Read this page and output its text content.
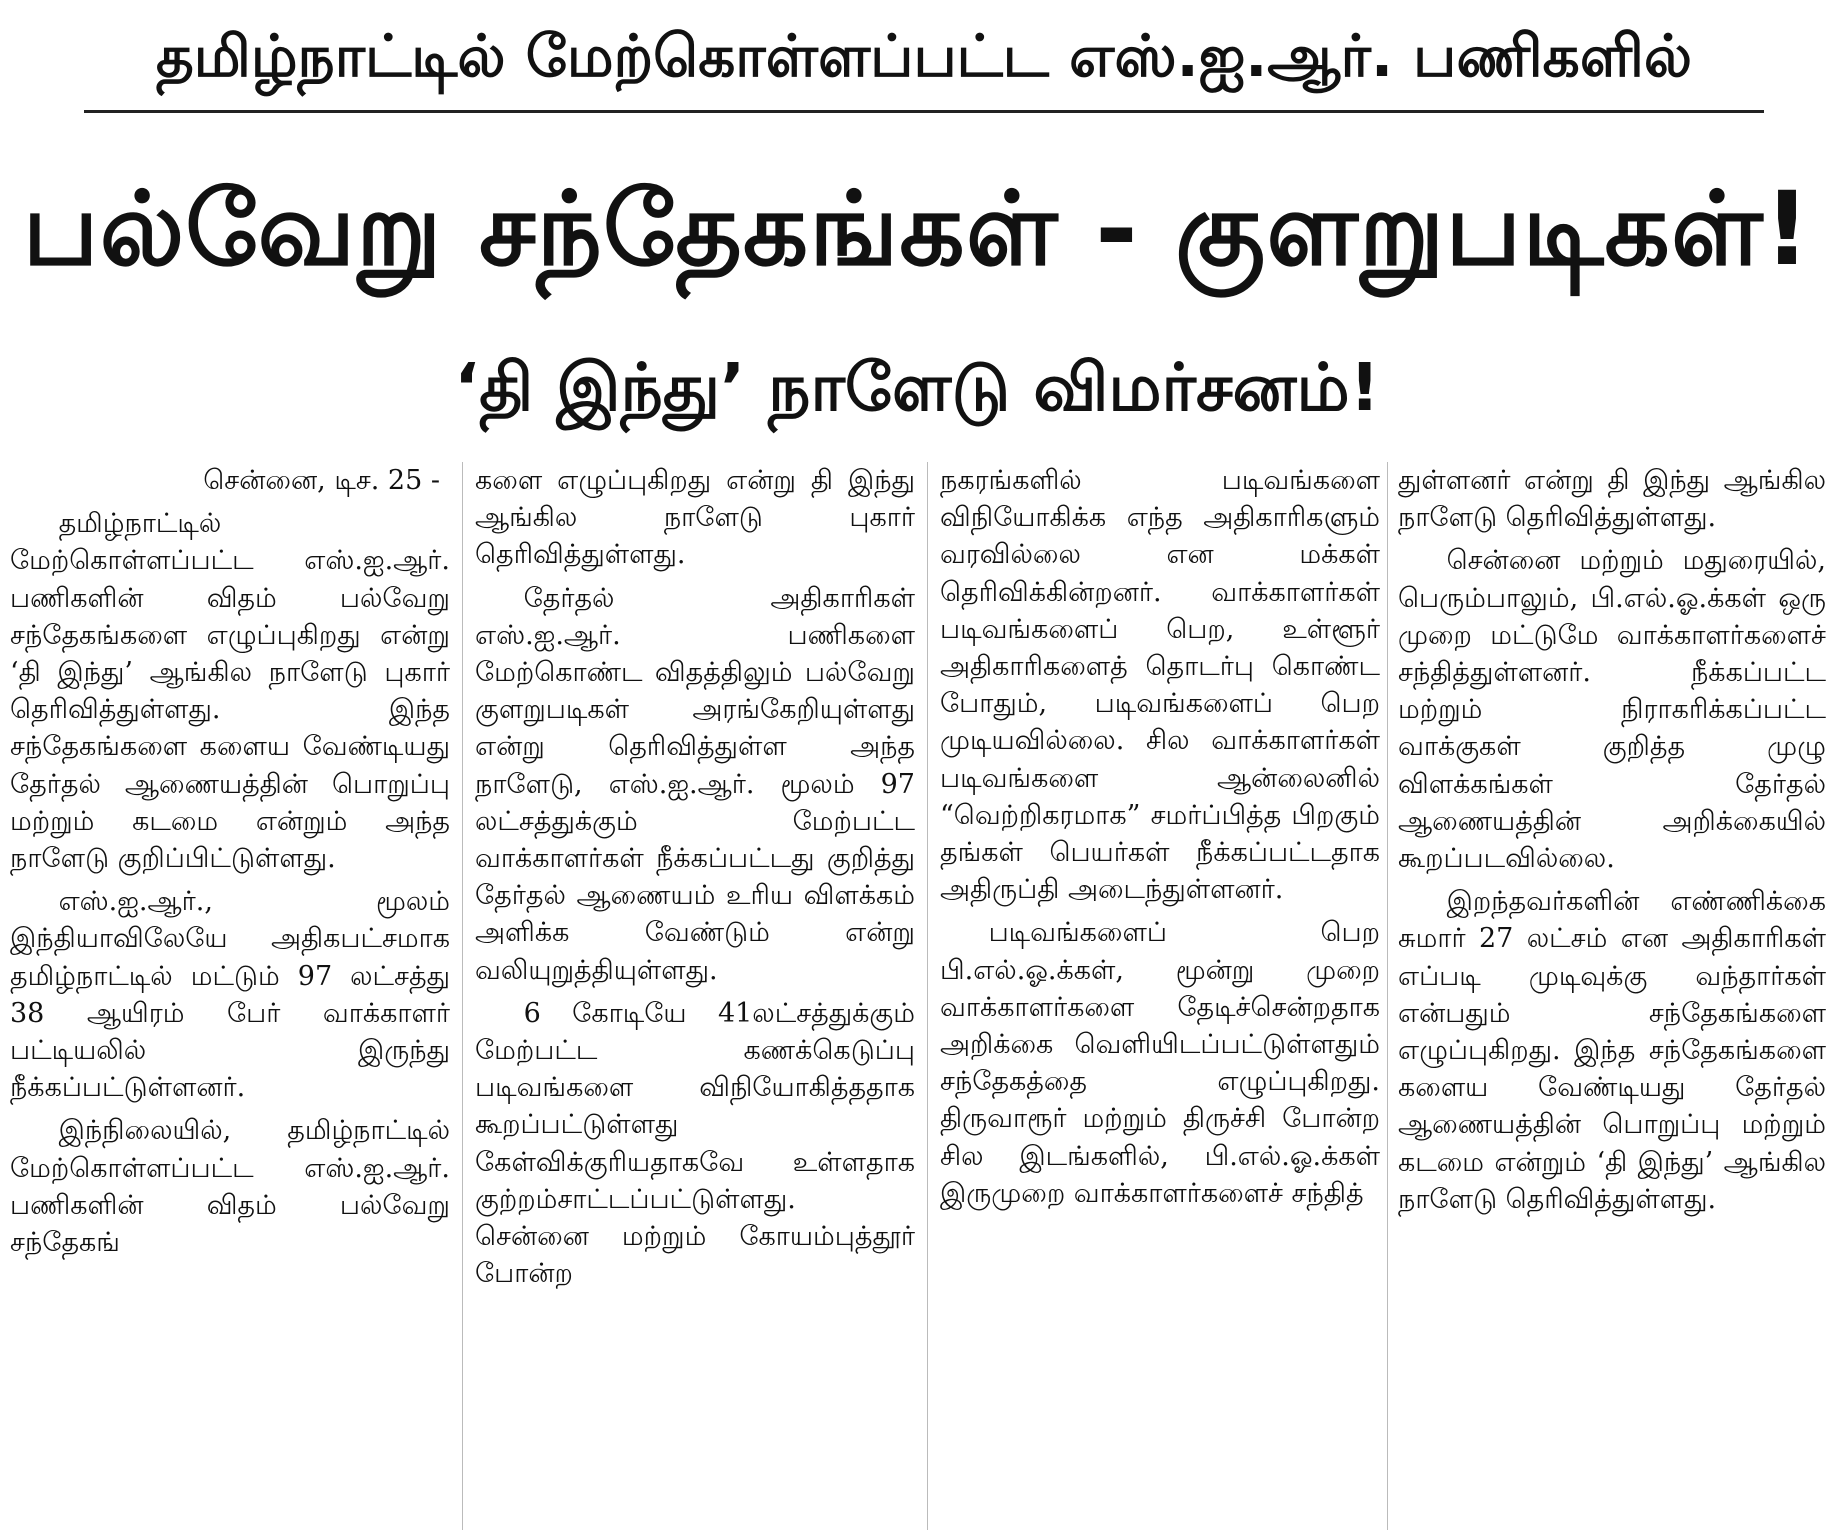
தமிழ்நாட்டில் மேற்கொள்ளப்பட்ட எஸ்.ஐ.ஆர். பணிகளில்
பல்வேறு சந்தேகங்கள் - குளறுபடிகள்!
‘தி இந்து’ நாளேடு விமர்சனம்!

சென்னை, டிச. 25 -

தமிழ்நாட்டில் மேற்கொள்ளப்பட்ட எஸ்.ஐ.ஆர். பணிகளின் விதம் பல்வேறு சந்தேகங்களை எழுப்புகிறது என்று ‘தி இந்து’ ஆங்கில நாளேடு புகார் தெரிவித்துள்ளது. இந்த சந்தேகங்களை களைய வேண்டியது தேர்தல் ஆணையத்தின் பொறுப்பு மற்றும் கடமை என்றும் அந்த நாளேடு குறிப்பிட்டுள்ளது.

எஸ்.ஐ.ஆர்., மூலம் இந்தியாவிலேயே அதிகபட்சமாக தமிழ்நாட்டில் மட்டும் 97 லட்சத்து 38 ஆயிரம் பேர் வாக்காளர் பட்டியலில் இருந்து நீக்கப்பட்டுள்ளனர்.

இந்நிலையில், தமிழ்நாட்டில் மேற்கொள்ளப்பட்ட எஸ்.ஐ.ஆர். பணிகளின் விதம் பல்வேறு சந்தேகங்

களை எழுப்புகிறது என்று தி இந்து ஆங்கில நாளேடு புகார் தெரிவித்துள்ளது.

தேர்தல் அதிகாரிகள் எஸ்.ஐ.ஆர். பணிகளை மேற்கொண்ட விதத்திலும் பல்வேறு குளறுபடிகள் அரங்கேறியுள்ளது என்று தெரிவித்துள்ள அந்த நாளேடு, எஸ்.ஐ.ஆர். மூலம் 97 லட்சத்துக்கும் மேற்பட்ட வாக்காளர்கள் நீக்கப்பட்டது குறித்து தேர்தல் ஆணையம் உரிய விளக்கம் அளிக்க வேண்டும் என்று வலியுறுத்தியுள்ளது.

6 கோடியே 41லட்சத்துக்கும் மேற்பட்ட கணக்கெடுப்பு படிவங்களை விநியோகித்ததாக கூறப்பட்டுள்ளது கேள்விக்குரியதாகவே உள்ளதாக குற்றம்சாட்டப்பட்டுள்ளது. சென்னை மற்றும் கோயம்புத்தூர் போன்ற

நகரங்களில் படிவங்களை விநியோகிக்க எந்த அதிகாரிகளும் வரவில்லை என மக்கள் தெரிவிக்கின்றனர். வாக்காளர்கள் படிவங்களைப் பெற, உள்ளூர் அதிகாரிகளைத் தொடர்பு கொண்ட போதும், படிவங்களைப் பெற முடியவில்லை. சில வாக்காளர்கள் படிவங்களை ஆன்லைனில் “வெற்றிகரமாக” சமர்ப்பித்த பிறகும் தங்கள் பெயர்கள் நீக்கப்பட்டதாக அதிருப்தி அடைந்துள்ளனர்.

படிவங்களைப் பெற பி.எல்.ஓ.க்கள், மூன்று முறை வாக்காளர்களை தேடிச்சென்றதாக அறிக்கை வெளியிடப்பட்டுள்ளதும் சந்தேகத்தை எழுப்புகிறது. திருவாரூர் மற்றும் திருச்சி போன்ற சில இடங்களில், பி.எல்.ஓ.க்கள் இருமுறை வாக்காளர்களைச் சந்தித்

துள்ளனர் என்று தி இந்து ஆங்கில நாளேடு தெரிவித்துள்ளது.

சென்னை மற்றும் மதுரையில், பெரும்பாலும், பி.எல்.ஓ.க்கள் ஒரு முறை மட்டுமே வாக்காளர்களைச் சந்தித்துள்ளனர். நீக்கப்பட்ட மற்றும் நிராகரிக்கப்பட்ட வாக்குகள் குறித்த முழு விளக்கங்கள் தேர்தல் ஆணையத்தின் அறிக்கையில் கூறப்படவில்லை.

இறந்தவர்களின் எண்ணிக்கை சுமார் 27 லட்சம் என அதிகாரிகள் எப்படி முடிவுக்கு வந்தார்கள் என்பதும் சந்தேகங்களை எழுப்புகிறது. இந்த சந்தேகங்களை களைய வேண்டியது தேர்தல் ஆணையத்தின் பொறுப்பு மற்றும் கடமை என்றும் ‘தி இந்து’ ஆங்கில நாளேடு தெரிவித்துள்ளது.
